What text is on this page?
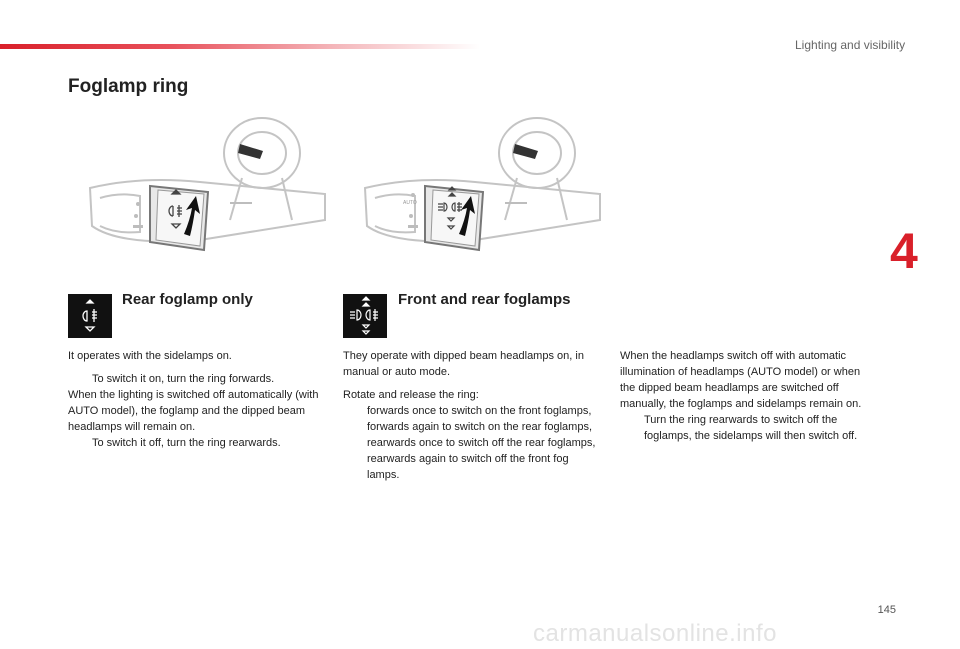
Lighting and visibility
Foglamp ring
4
AUTO
Rear foglamp only	Front and rear foglamps

It operates with the sidelamps on.

To switch it on, turn the ring forwards.
When the lighting is switched off automatically (with AUTO model), the foglamp and the dipped beam headlamps will remain on.
To switch it off, turn the ring rearwards.

They operate with dipped beam headlamps on, in manual or auto mode.

Rotate and release the ring:
forwards once to switch on the front foglamps,
forwards again to switch on the rear foglamps,
rearwards once to switch off the rear foglamps,
rearwards again to switch off the front fog lamps.
When the headlamps switch off with automatic illumination of headlamps (AUTO model) or when the dipped beam headlamps are switched off manually, the foglamps and sidelamps remain on.
Turn the ring rearwards to switch off the foglamps, the sidelamps will then switch off.
145
carmanualsonline.info
